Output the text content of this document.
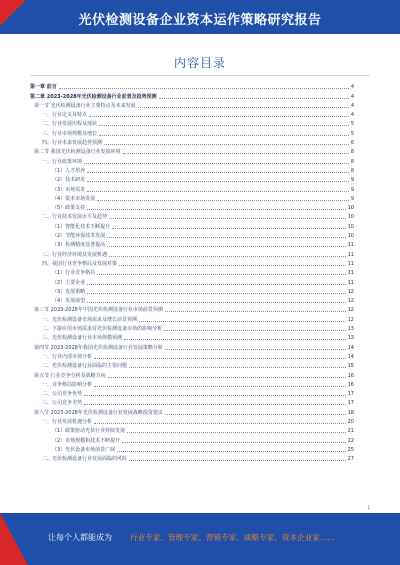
光伏检测设备企业资本运作策略研究报告
内容目录
第一章 前言	4
第二章 2023-2028年光伏检测设备行业前景及趋势预测	4
第一节 光伏检测设备行业主要特点及未来发展	4
一、行业定义及特点	4
二、行业发展历程及现状	5
三、行业市场规模及增长	5
四、行业未来发展趋势预测	6
第二节 我国光伏检测设备行业发展环境	8
一、行业政策环境	8
（1）人才培养	8
（2）技术研发	9
（3）市场需求	9
（4）资本市场发展	9
（5）政策支持	10
二、行业技术发展水平及趋势	10
（1）智能化技术不断提升	10
（2）节能环保技术发展	10
（3）检测精度显著提高	11
三、行业经济环境及发展机遇	11
四、我国行业竞争格局及发展对策	11
（1）行业竞争格局	11
（2）主要企业	11
（3）发展策略	12
（4）发展展望	12
第三节 2023-2028年中国光伏检测设备行业市场前景预测	12
一、光伏检测设备市场需求及增长前景预测	12
二、下游应用市场需求对光伏检测设备市场的影响分析	13
三、光伏检测设备行业市场规模预测	13
第四节 2023-2028年我国光伏检测设备行业发展策略分析	14
一、行业内部市场分析	14
二、光伏检测设备行业面临的主要问题	15
第五节 行业竞争分析及战略方向	16
一、竞争格局影响分析	16
二、公司竞争优势	17
三、公司竞争劣势	17
第六节 2023-2028年光伏检测设备行业发展战略投资建议	18
一、行业发展机遇分析	20
（1）政策驱动光伏行业持续发展	21
（2）市场规模和技术不断提升	22
（3）光伏设备市场前景广阔	25
二、光伏检测设备行业发展面临的风险	27
1
让每个人都能成为 行业专家、管理专家、营销专家、战略专家、资本企业家……
